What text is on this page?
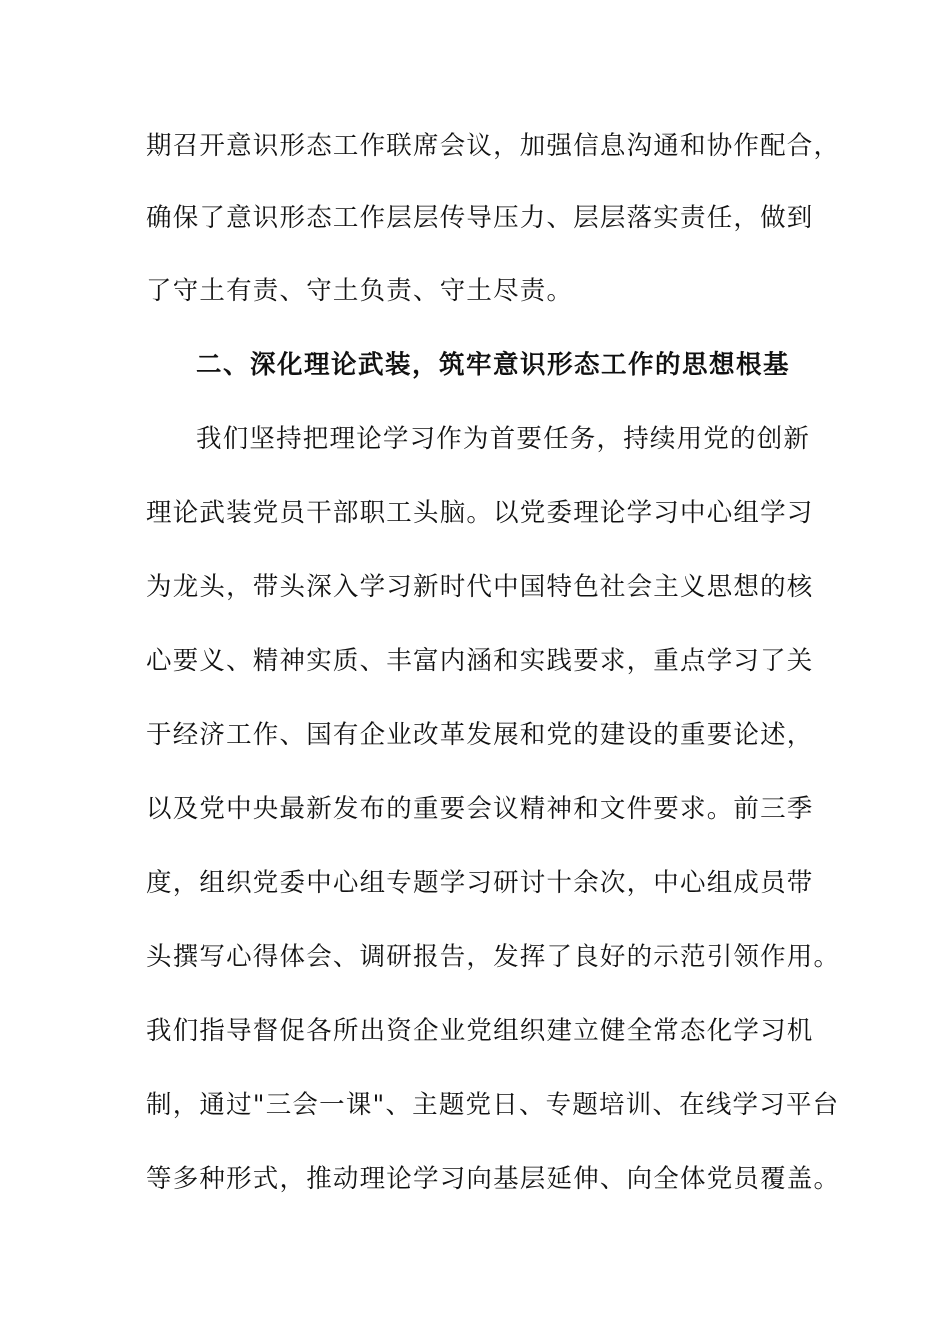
期召开意识形态工作联席会议，加强信息沟通和协作配合，
确保了意识形态工作层层传导压力、层层落实责任，做到
了守土有责、守土负责、守土尽责。
二、深化理论武装，筑牢意识形态工作的思想根基
我们坚持把理论学习作为首要任务，持续用党的创新
理论武装党员干部职工头脑。以党委理论学习中心组学习
为龙头，带头深入学习新时代中国特色社会主义思想的核
心要义、精神实质、丰富内涵和实践要求，重点学习了关
于经济工作、国有企业改革发展和党的建设的重要论述，
以及党中央最新发布的重要会议精神和文件要求。前三季
度，组织党委中心组专题学习研讨十余次，中心组成员带
头撰写心得体会、调研报告，发挥了良好的示范引领作用。
我们指导督促各所出资企业党组织建立健全常态化学习机
制，通过"三会一课"、主题党日、专题培训、在线学习平台
等多种形式，推动理论学习向基层延伸、向全体党员覆盖。
